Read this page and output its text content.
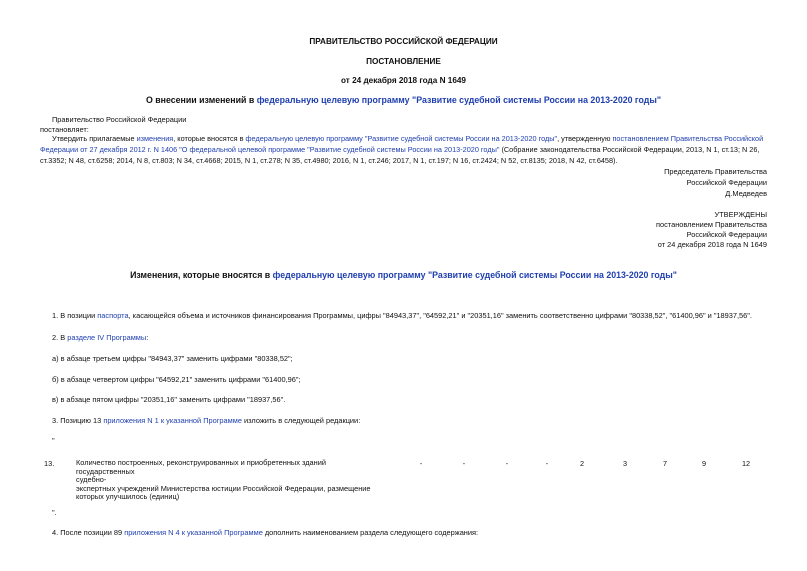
ПРАВИТЕЛЬСТВО РОССИЙСКОЙ ФЕДЕРАЦИИ
ПОСТАНОВЛЕНИЕ
от 24 декабря 2018 года N 1649
О внесении изменений в федеральную целевую программу "Развитие судебной системы России на 2013-2020 годы"
Правительство Российской Федерации
постановляет:
Утвердить прилагаемые изменения, которые вносятся в федеральную целевую программу "Развитие судебной системы России на 2013-2020 годы", утвержденную постановлением Правительства Российской Федерации от 27 декабря 2012 г. N 1406 "О федеральной целевой программе "Развитие судебной системы России на 2013-2020 годы" (Собрание законодательства Российской Федерации, 2013, N 1, ст.13; N 26, ст.3352; N 48, ст.6258; 2014, N 8, ст.803; N 34, ст.4668; 2015, N 1, ст.278; N 35, ст.4980; 2016, N 1, ст.246; 2017, N 1, ст.197; N 16, ст.2424; N 52, ст.8135; 2018, N 42, ст.6458).
Председатель Правительства
Российской Федерации
Д.Медведев
УТВЕРЖДЕНЫ
постановлением Правительства
Российской Федерации
от 24 декабря 2018 года N 1649
Изменения, которые вносятся в федеральную целевую программу "Развитие судебной системы России на 2013-2020 годы"
1. В позиции паспорта, касающейся объема и источников финансирования Программы, цифры "84943,37", "64592,21" и "20351,16" заменить соответственно цифрами "80338,52", "61400,96" и "18937,56".
2. В разделе IV Программы:
а) в абзаце третьем цифры "84943,37" заменить цифрами "80338,52";
б) в абзаце четвертом цифры "64592,21" заменить цифрами "61400,96";
в) в абзаце пятом цифры "20351,16" заменить цифрами "18937,56".
3. Позицию 13 приложения N 1 к указанной Программе изложить в следующей редакции:
"
13.	Количество построенных, реконструированных и приобретенных зданий государственных
судебно-
экспертных учреждений Министерства юстиции Российской Федерации, размещение
которых улучшилось (единиц)
-	-	-	-	2	3	7	9	12
".
4. После позиции 89 приложения N 4 к указанной Программе дополнить наименованием раздела следующего содержания:
